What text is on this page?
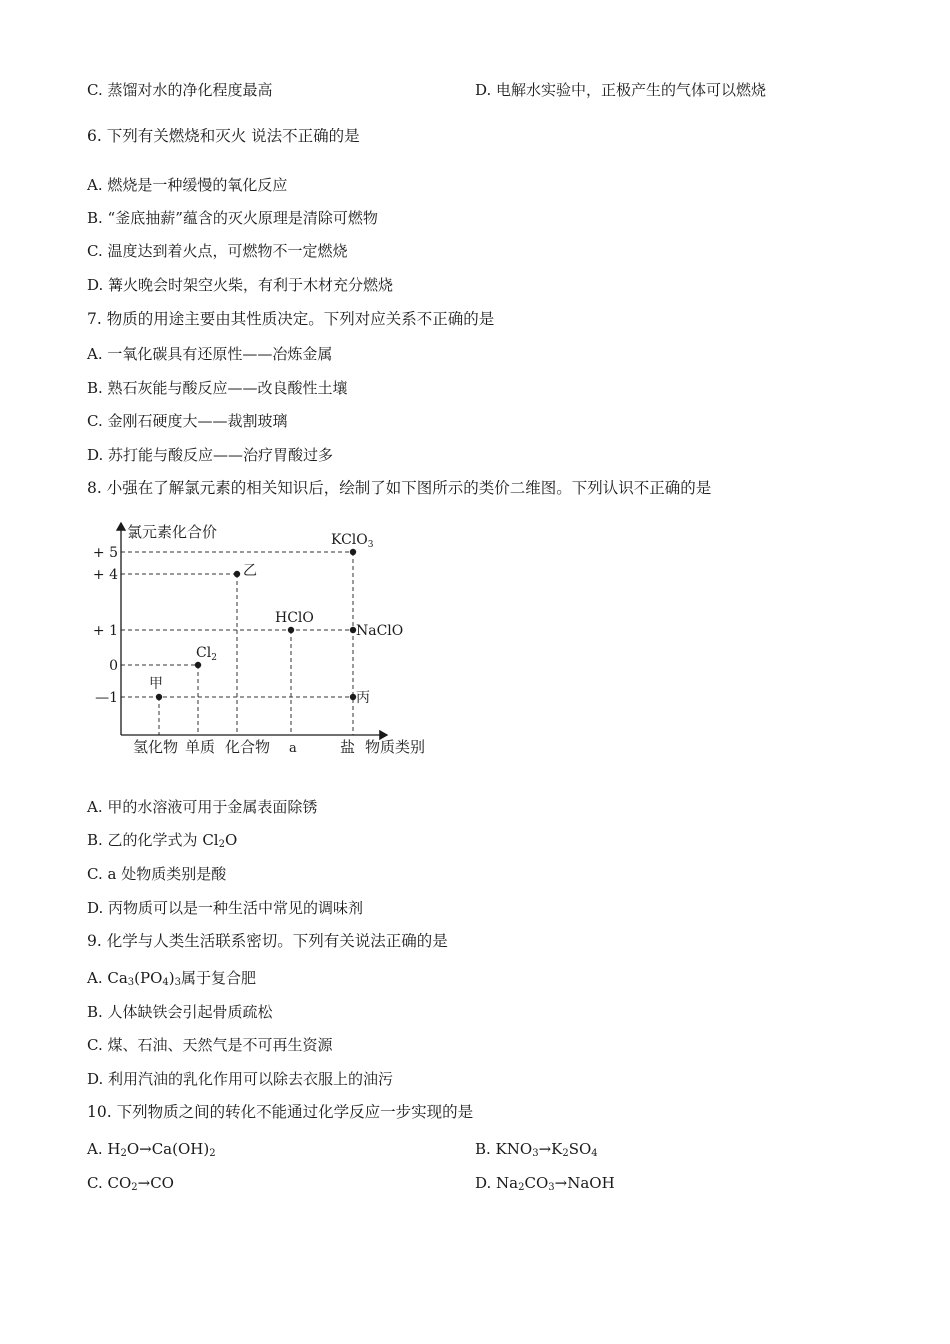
C. 蒸馏对水的净化程度最高	D. 电解水实验中，正极产生的气体可以燃烧
6. 下列有关燃烧和灭火 说法不正确的是
A. 燃烧是一种缓慢的氧化反应
B. “釜底抽薪”蕴含的灭火原理是清除可燃物
C. 温度达到着火点，可燃物不一定燃烧
D. 篝火晚会时架空火柴，有利于木材充分燃烧
7. 物质的用途主要由其性质决定。下列对应关系不正确的是
A. 一氧化碳具有还原性——冶炼金属
B. 熟石灰能与酸反应——改良酸性土壤
C. 金刚石硬度大——裁割玻璃
D. 苏打能与酸反应——治疗胃酸过多
8. 小强在了解氯元素的相关知识后，绘制了如下图所示的类价二维图。下列认识不正确的是
氯元素化合价
物质类别
+ 5
+ 4
+ 1
0
—1
氢化物 单质 化合物 a	盐
甲
$Cl_2$
乙
HClO
KClO$_3$
NaClO
丙
A. 甲的水溶液可用于金属表面除锈
B. 乙的化学式为 $Cl_2O$
C. a 处物质类别是酸
D. 丙物质可以是一种生活中常见的调味剂
9. 化学与人类生活联系密切。下列有关说法正确的是
A. $Ca_3(PO_4)_3$属于复合肥
B. 人体缺铁会引起骨质疏松
C. 煤、石油、天然气是不可再生资源
D. 利用汽油的乳化作用可以除去衣服上的油污
10. 下列物质之间的转化不能通过化学反应一步实现的是
A. $H_2O\to Ca(OH)_2$	B. $KNO_3\to K_2SO_4$
C. $CO_2\to CO$	D. $Na_2CO_3\to NaOH$
